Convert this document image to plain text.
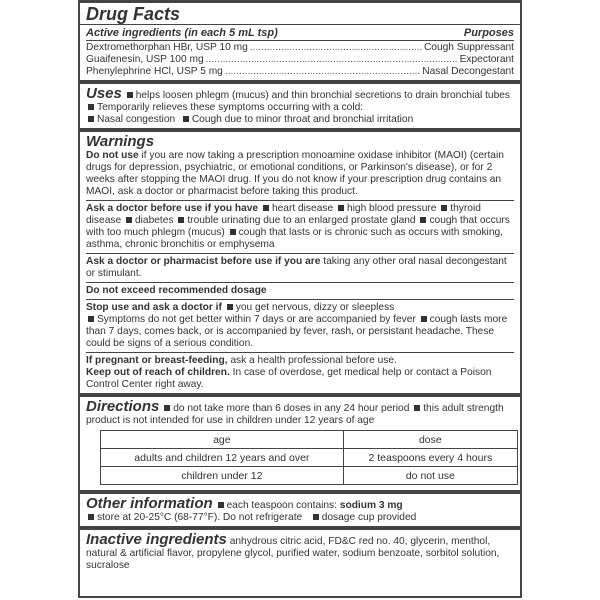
Drug Facts
Active ingredients (in each 5 mL tsp)	Purposes
Dextromethorphan HBr, USP 10 mg .....	Cough Suppressant
Guaifenesin, USP 100 mg .....	Expectorant
Phenylephrine HCl, USP 5 mg .....	Nasal Decongestant
Uses helps loosen phlegm (mucus) and thin bronchial secretions to drain bronchial tubes
Temporarily relieves these symptoms occurring with a cold:
Nasal congestion Cough due to minor throat and bronchial irritation
Warnings

Do not use if you are now taking a prescription monoamine oxidase inhibitor (MAOI) (certain drugs for depression, psychiatric, or emotional conditions, or Parkinson's disease), or for 2 weeks after stopping the MAOI drug. If you do not know if your prescription drug contains an MAOI, ask a doctor or pharmacist before taking this product.

Ask a doctor before use if you have heart disease high blood pressure thyroid disease diabetes trouble urinating due to an enlarged prostate gland cough that occurs with too much phlegm (mucus) cough that lasts or is chronic such as occurs with smoking, asthma, chronic bronchitis or emphysema

Ask a doctor or pharmacist before use if you are taking any other oral nasal decongestant or stimulant.

Do not exceed recommended dosage

Stop use and ask a doctor if you get nervous, dizzy or sleepless
Symptoms do not get better within 7 days or are accompanied by fever cough lasts more than 7 days, comes back, or is accompanied by fever, rash, or persistant headache. These could be signs of a serious condition.

If pregnant or breast-feeding, ask a health professional before use.

Keep out of reach of children. In case of overdose, get medical help or contact a Poison Control Center right away.

Directions do not take more than 6 doses in any 24 hour period this adult strength product is not intended for use in children under 12 years of age

age	dose
adults and children 12 years and over	2 teaspoons every 4 hours
children under 12	do not use
Other information each teaspoon contains: sodium 3 mg
store at 20-25°C (68-77°F). Do not refrigerate dosage cup provided

Inactive ingredients anhydrous citric acid, FD&C red no. 40, glycerin, menthol, natural & artificial flavor, propylene glycol, purified water, sodium benzoate, sorbitol solution, sucralose
